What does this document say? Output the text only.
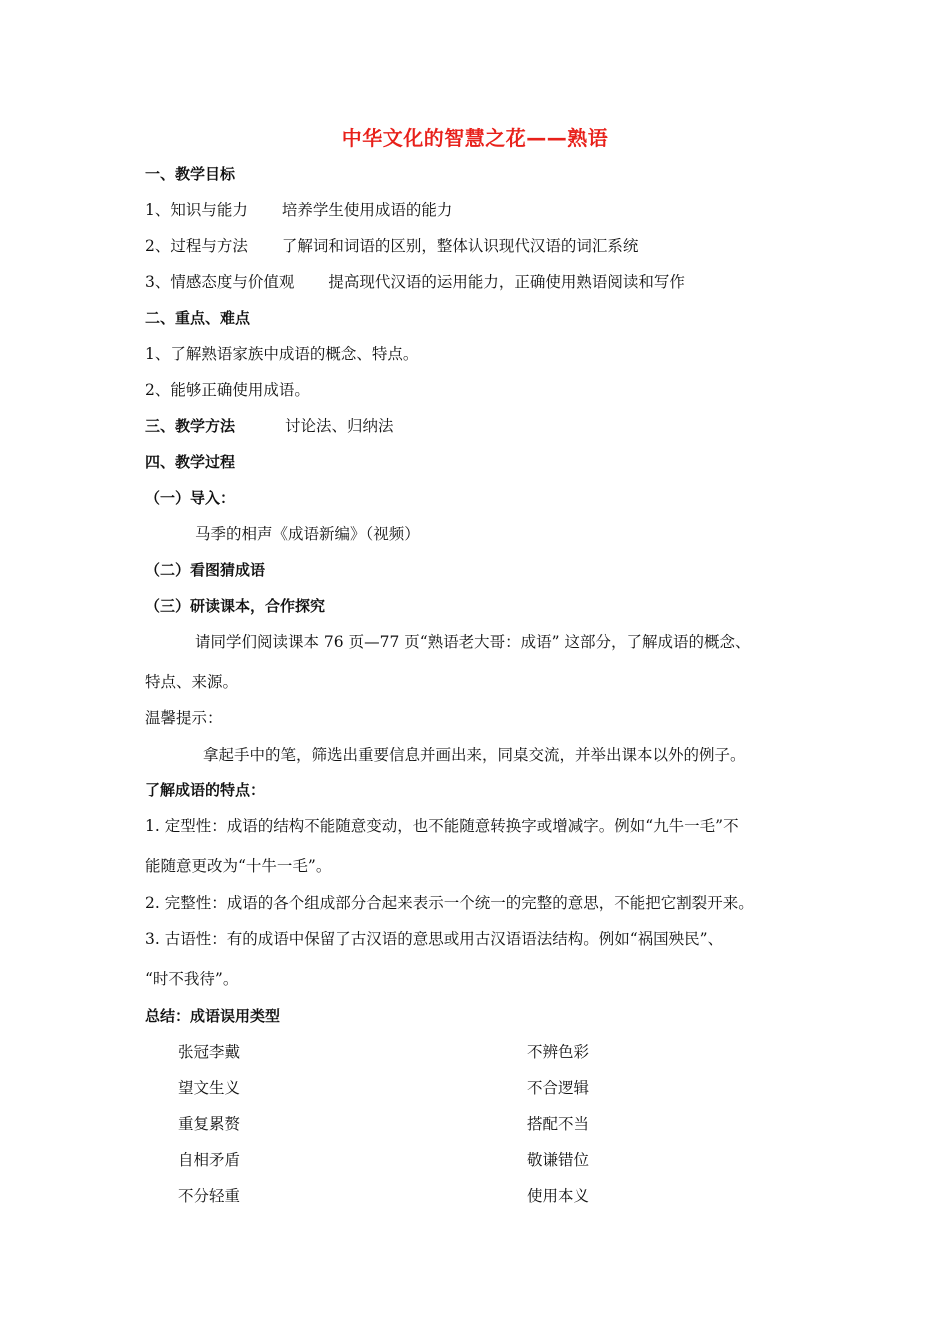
中华文化的智慧之花——熟语
一、教学目标
1、知识与能力 培养学生使用成语的能力
2、过程与方法 了解词和词语的区别，整体认识现代汉语的词汇系统
3、情感态度与价值观 提高现代汉语的运用能力，正确使用熟语阅读和写作
二、重点、难点
1、了解熟语家族中成语的概念、特点。
2、能够正确使用成语。
三、教学方法	讨论法、归纳法
四、教学过程
（一）导入：
马季的相声《成语新编》（视频）
（二）看图猜成语
（三）研读课本，合作探究
请同学们阅读课本 76 页—77 页“熟语老大哥：成语” 这部分，了解成语的概念、
特点、来源。
温馨提示：
拿起手中的笔，筛选出重要信息并画出来，同桌交流，并举出课本以外的例子。
了解成语的特点：
1. 定型性：成语的结构不能随意变动，也不能随意转换字或增减字。例如“九牛一毛”不
能随意更改为“十牛一毛”。
2. 完整性：成语的各个组成部分合起来表示一个统一的完整的意思，不能把它割裂开来。
3. 古语性：有的成语中保留了古汉语的意思或用古汉语语法结构。例如“祸国殃民”、
“时不我待”。
总结：成语误用类型
张冠李戴
望文生义
重复累赘
自相矛盾
不分轻重
不辨色彩
不合逻辑
搭配不当
敬谦错位
使用本义
